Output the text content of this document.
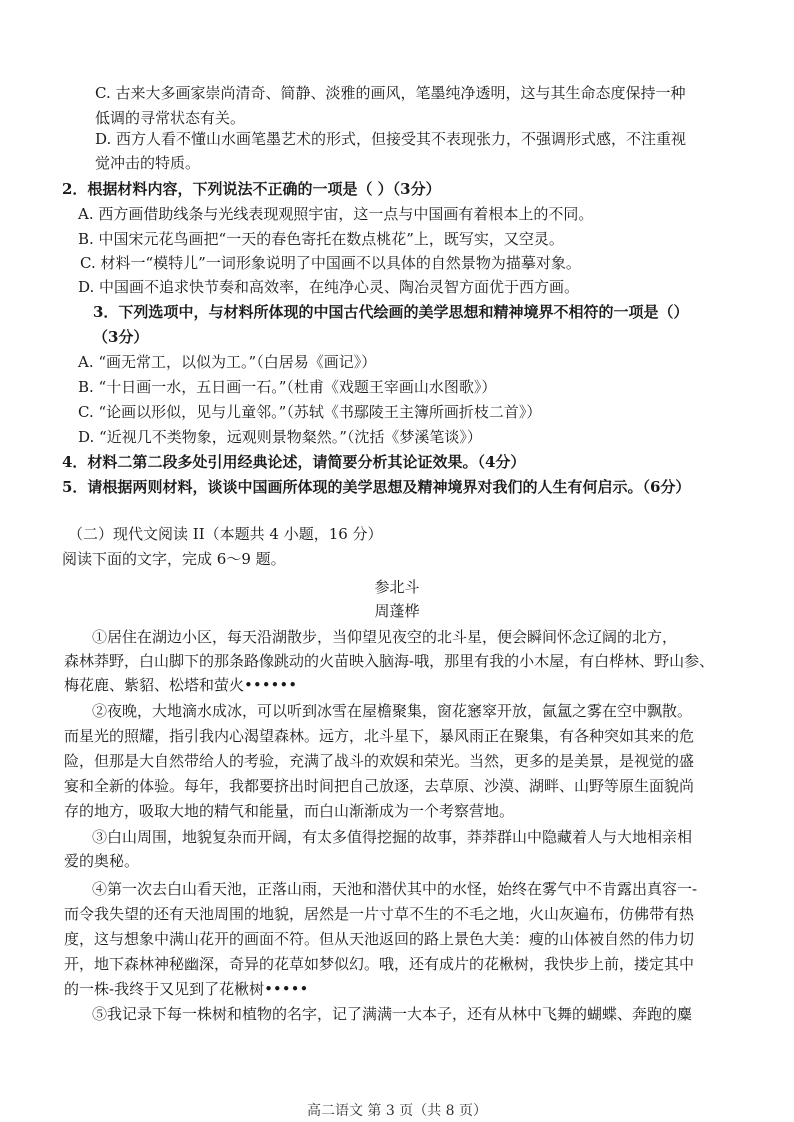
C. 古来大多画家崇尚清奇、简静、淡雅的画风，笔墨纯净透明，这与其生命态度保持一种
低调的寻常状态有关。
D. 西方人看不懂山水画笔墨艺术的形式，但接受其不表现张力，不强调形式感，不注重视
觉冲击的特质。
2．根据材料内容，下列说法不正确的一项是（ ）（3分）
A. 西方画借助线条与光线表现观照宇宙，这一点与中国画有着根本上的不同。
B. 中国宋元花鸟画把“一天的春色寄托在数点桃花”上，既写实，又空灵。
C. 材料一“模特儿”一词形象说明了中国画不以具体的自然景物为描摹对象。
D. 中国画不追求快节奏和高效率，在纯净心灵、陶冶灵智方面优于西方画。
3．下列选项中，与材料所体现的中国古代绘画的美学思想和精神境界不相符的一项是（）
（3分）
A. “画无常工，以似为工。”（白居易《画记》）
B. “十日画一水，五日画一石。”（杜甫《戏题王宰画山水图歌》）
C. “论画以形似，见与儿童邻。”（苏轼《书鄢陵王主簿所画折枝二首》）
D. “近视几不类物象，远观则景物粲然。”（沈括《梦溪笔谈》）
4．材料二第二段多处引用经典论述，请简要分析其论证效果。（4分）
5．请根据两则材料，谈谈中国画所体现的美学思想及精神境界对我们的人生有何启示。（6分）
（二）现代文阅读 II（本题共 4 小题，16 分）
阅读下面的文字，完成 6～9 题。
参北斗
周蓬桦
①居住在湖边小区，每天沿湖散步，当仰望见夜空的北斗星，便会瞬间怀念辽阔的北方，
森林莽野，白山脚下的那条路像跳动的火苗映入脑海-哦，那里有我的小木屋，有白桦林、野山参、
梅花鹿、紫貂、松塔和萤火••••••
②夜晚，大地滴水成冰，可以听到冰雪在屋檐聚集，窗花窸窣开放，氤氲之雾在空中飘散。
而星光的照耀，指引我内心渴望森林。远方，北斗星下，暴风雨正在聚集，有各种突如其来的危
险，但那是大自然带给人的考验，充满了战斗的欢娱和荣光。当然，更多的是美景，是视觉的盛
宴和全新的体验。每年，我都要挤出时间把自己放逐，去草原、沙漠、湖畔、山野等原生面貌尚
存的地方，吸取大地的精气和能量，而白山渐渐成为一个考察营地。
③白山周围，地貌复杂而开阔，有太多值得挖掘的故事，莽莽群山中隐藏着人与大地相亲相
爱的奥秘。
④第一次去白山看天池，正落山雨，天池和潜伏其中的水怪，始终在雾气中不肯露出真容一-
而令我失望的还有天池周围的地貌，居然是一片寸草不生的不毛之地，火山灰遍布，仿佛带有热
度，这与想象中满山花开的画面不符。但从天池返回的路上景色大美：瘦的山体被自然的伟力切
开，地下森林神秘幽深，奇异的花草如梦似幻。哦，还有成片的花楸树，我快步上前，搂定其中
的一株-我终于又见到了花楸树•••••
⑤我记录下每一株树和植物的名字，记了满满一大本子，还有从林中飞舞的蝴蝶、奔跑的麋
高二语文 第 3 页（共 8 页）
